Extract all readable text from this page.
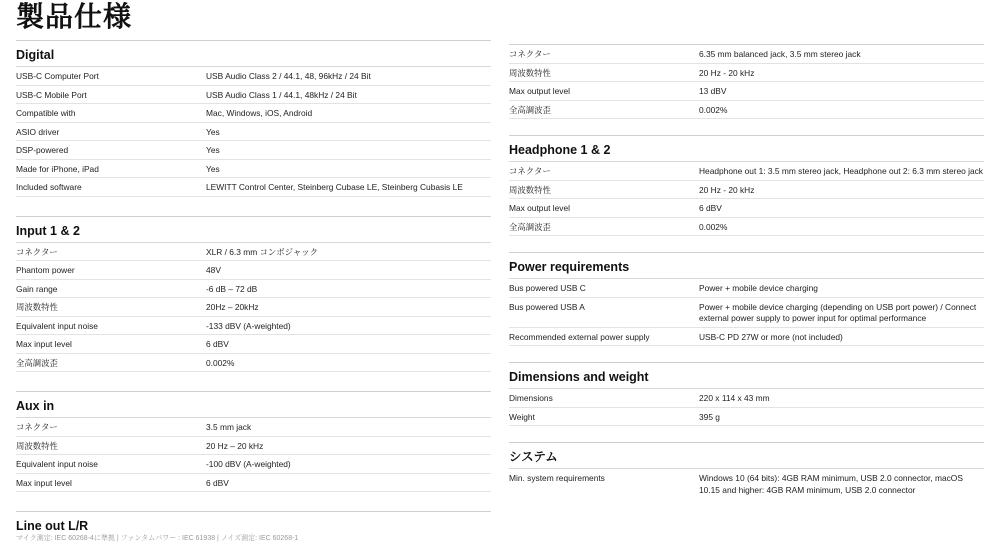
製品仕様
Digital
USB-C Computer Port	USB Audio Class 2 / 44.1, 48, 96kHz / 24 Bit
USB-C Mobile Port	USB Audio Class 1 / 44.1, 48kHz / 24 Bit
Compatible with	Mac, Windows, iOS, Android
ASIO driver	Yes
DSP-powered	Yes
Made for iPhone, iPad	Yes
Included software	LEWITT Control Center, Steinberg Cubase LE, Steinberg Cubasis LE
Input 1 & 2
コネクター	XLR / 6.3 mm コンボジャック
Phantom power	48V
Gain range	-6 dB – 72 dB
周波数特性	20Hz – 20kHz
Equivalent input noise	-133 dBV (A-weighted)
Max input level	6 dBV
全高調波歪	0.002%
Aux in
コネクター	3.5 mm jack
周波数特性	20 Hz – 20 kHz
Equivalent input noise	-100 dBV (A-weighted)
Max input level	6 dBV
Line out L/R
コネクター	6.35 mm balanced jack, 3.5 mm stereo jack
周波数特性	20 Hz - 20 kHz
Max output level	13 dBV
全高調波歪	0.002%
Headphone 1 & 2
コネクター	Headphone out 1: 3.5 mm stereo jack, Headphone out 2: 6.3 mm stereo jack
周波数特性	20 Hz - 20 kHz
Max output level	6 dBV
全高調波歪	0.002%
Power requirements
Bus powered USB C	Power + mobile device charging
Bus powered USB A	Power + mobile device charging (depending on USB port power) / Connect external power supply to power input for optimal performance
Recommended external power supply	USB-C PD 27W or more (not included)
Dimensions and weight
Dimensions	220 x 114 x 43 mm
Weight	395 g
システム
Min. system requirements	Windows 10 (64 bits): 4GB RAM minimum, USB 2.0 connector, macOS 10.15 and higher: 4GB RAM minimum, USB 2.0 connector
マイク測定: IEC 60268-4に準拠 | ファンタムパワー : IEC 61938 | ノイズ測定: IEC 60268-1
